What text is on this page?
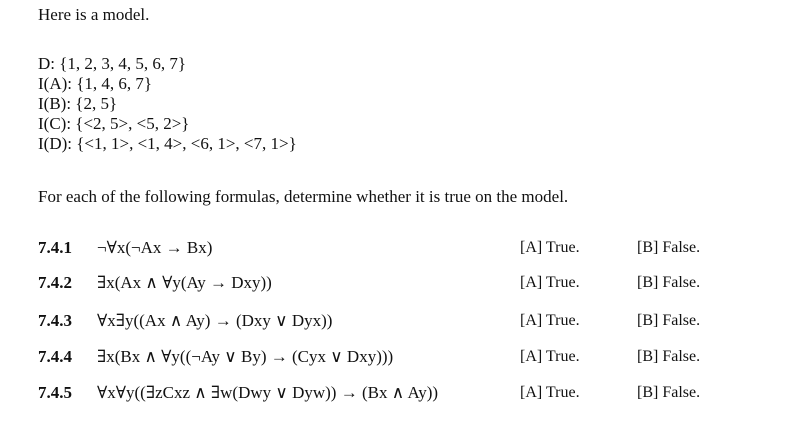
Here is a model.
D: {1, 2, 3, 4, 5, 6, 7}
I(A): {1, 4, 6, 7}
I(B): {2, 5}
I(C): {<2, 5>, <5, 2>}
I(D): {<1, 1>, <1, 4>, <6, 1>, <7, 1>}
For each of the following formulas, determine whether it is true on the model.
7.4.1 ¬∀x(¬Ax → Bx)	[A] True.	[B] False.
7.4.2 ∃x(Ax ∧ ∀y(Ay → Dxy))	[A] True.	[B] False.
7.4.3 ∀x∃y((Ax ∧ Ay) → (Dxy ∨ Dyx))	[A] True.	[B] False.
7.4.4 ∃x(Bx ∧ ∀y((¬Ay ∨ By) → (Cyx ∨ Dxy)))	[A] True.	[B] False.
7.4.5 ∀x∀y((∃zCxz ∧ ∃w(Dwy ∨ Dyw)) → (Bx ∧ Ay))	[A] True.	[B] False.
